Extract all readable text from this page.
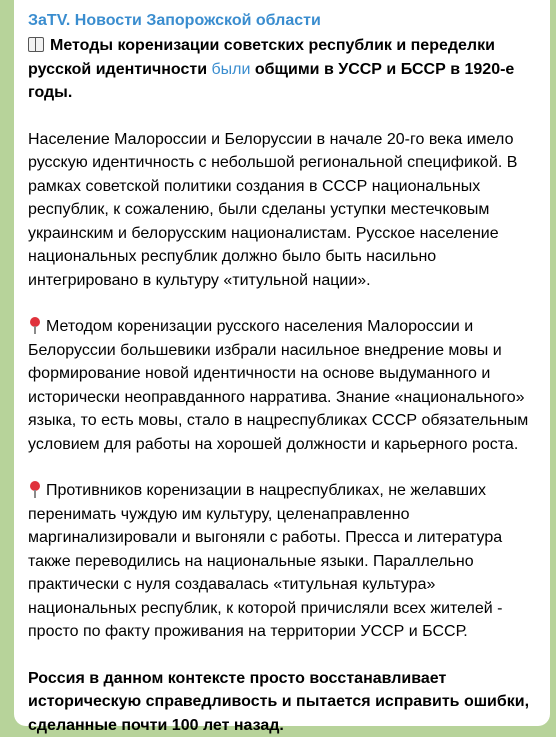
ЗаTV. Новости Запорожской области
Методы коренизации советских республик и переделки русской идентичности были общими в УССР и БССР в 1920-е годы.

Население Малороссии и Белоруссии в начале 20-го века имело русскую идентичность с небольшой региональной спецификой. В рамках советской политики создания в СССР национальных республик, к сожалению, были сделаны уступки местечковым украинским и белорусским националистам. Русское население национальных республик должно было быть насильно интегрировано в культуру «титульной нации».

Методом коренизации русского населения Малороссии и Белоруссии большевики избрали насильное внедрение мовы и формирование новой идентичности на основе выдуманного и исторически неоправданного нарратива. Знание «национального» языка, то есть мовы, стало в нацреспубликах СССР обязательным условием для работы на хорошей должности и карьерного роста.

Противников коренизации в нацреспубликах, не желавших перенимать чуждую им культуру, целенаправленно маргинализировали и выгоняли с работы. Пресса и литература также переводились на национальные языки. Параллельно практически с нуля создавалась «титульная культура» национальных республик, к которой причисляли всех жителей - просто по факту проживания на территории УССР и БССР.

Россия в данном контексте просто восстанавливает историческую справедливость и пытается исправить ошибки, сделанные почти 100 лет назад.
